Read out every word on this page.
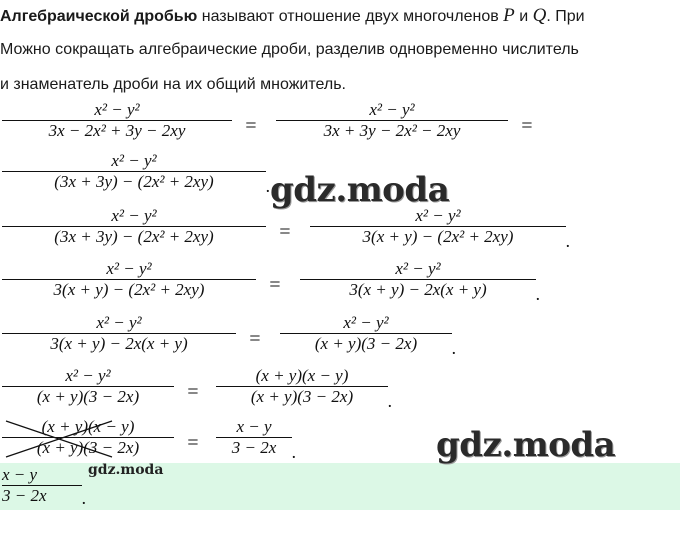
Алгебраической дробью называют отношение двух многочленов P и Q. При
Можно сокращать алгебраические дроби, разделив одновременно числитель
и знаменатель дроби на их общий множитель.
x² − y²
3x − 2x² + 3y − 2xy	=
x² − y²
3x + 3y − 2x² − 2xy	=
x² − y²
(3x + 3y) − (2x² + 2xy)	.
x² − y²
(3x + 3y) − (2x² + 2xy)	=
x² − y²
3(x + y) − (2x² + 2xy)	.
x² − y²
3(x + y) − (2x² + 2xy)	=
x² − y²
3(x + y) − 2x(x + y)	.
x² − y²
3(x + y) − 2x(x + y)	=
x² − y²
(x + y)(3 − 2x)	.
x² − y²
(x + y)(3 − 2x)	=
(x + y)(x − y)
(x + y)(3 − 2x)	.
(x + y)(x − y)
(x + y)(3 − 2x)	=
x − y
3 − 2x .
x − y
3 − 2x	.
gdz.moda
gdz.moda
gdz.moda
